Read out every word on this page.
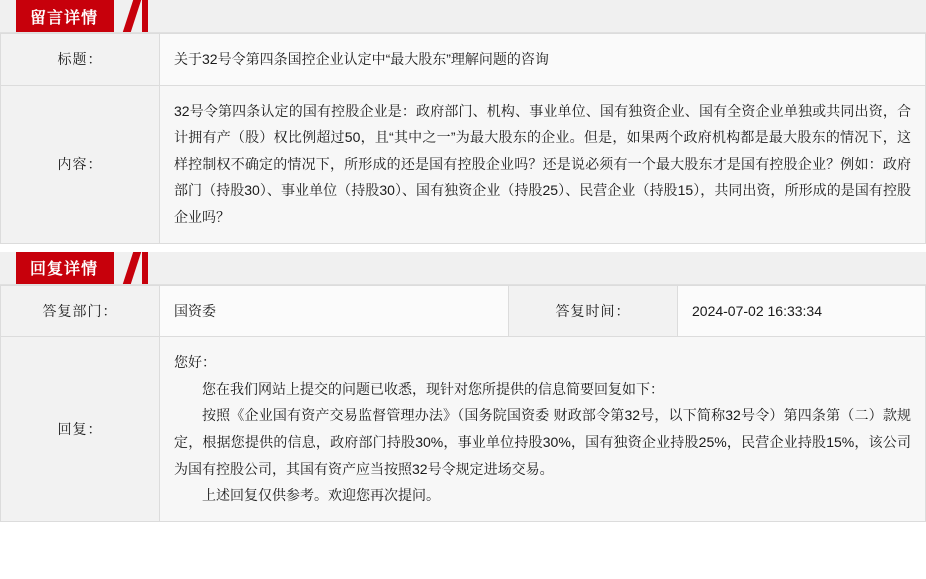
留言详情
标题：	关于32号令第四条国控企业认定中“最大股东”理解问题的咨询
内容：	32号令第四条认定的国有控股企业是：政府部门、机构、事业单位、国有独资企业、国有全资企业单独或共同出资，合计拥有产（股）权比例超过50，且“其中之一”为最大股东的企业。但是，如果两个政府机构都是最大股东的情况下，这样控制权不确定的情况下，所形成的还是国有控股企业吗？还是说必须有一个最大股东才是国有控股企业？例如：政府部门（持股30）、事业单位（持股30）、国有独资企业（持股25）、民营企业（持股15），共同出资，所形成的是国有控股企业吗？
回复详情
答复部门：	国资委	答复时间：	2024-07-02 16:33:34
回复：	您好：

您在我们网站上提交的问题已收悉，现针对您所提供的信息简要回复如下：

按照《企业国有资产交易监督管理办法》（国务院国资委 财政部令第32号，以下简称32号令）第四条第（二）款规定，根据您提供的信息，政府部门持股30%，事业单位持股30%，国有独资企业持股25%，民营企业持股15%，该公司为国有控股公司，其国有资产应当按照32号令规定进场交易。

上述回复仅供参考。欢迎您再次提问。		
